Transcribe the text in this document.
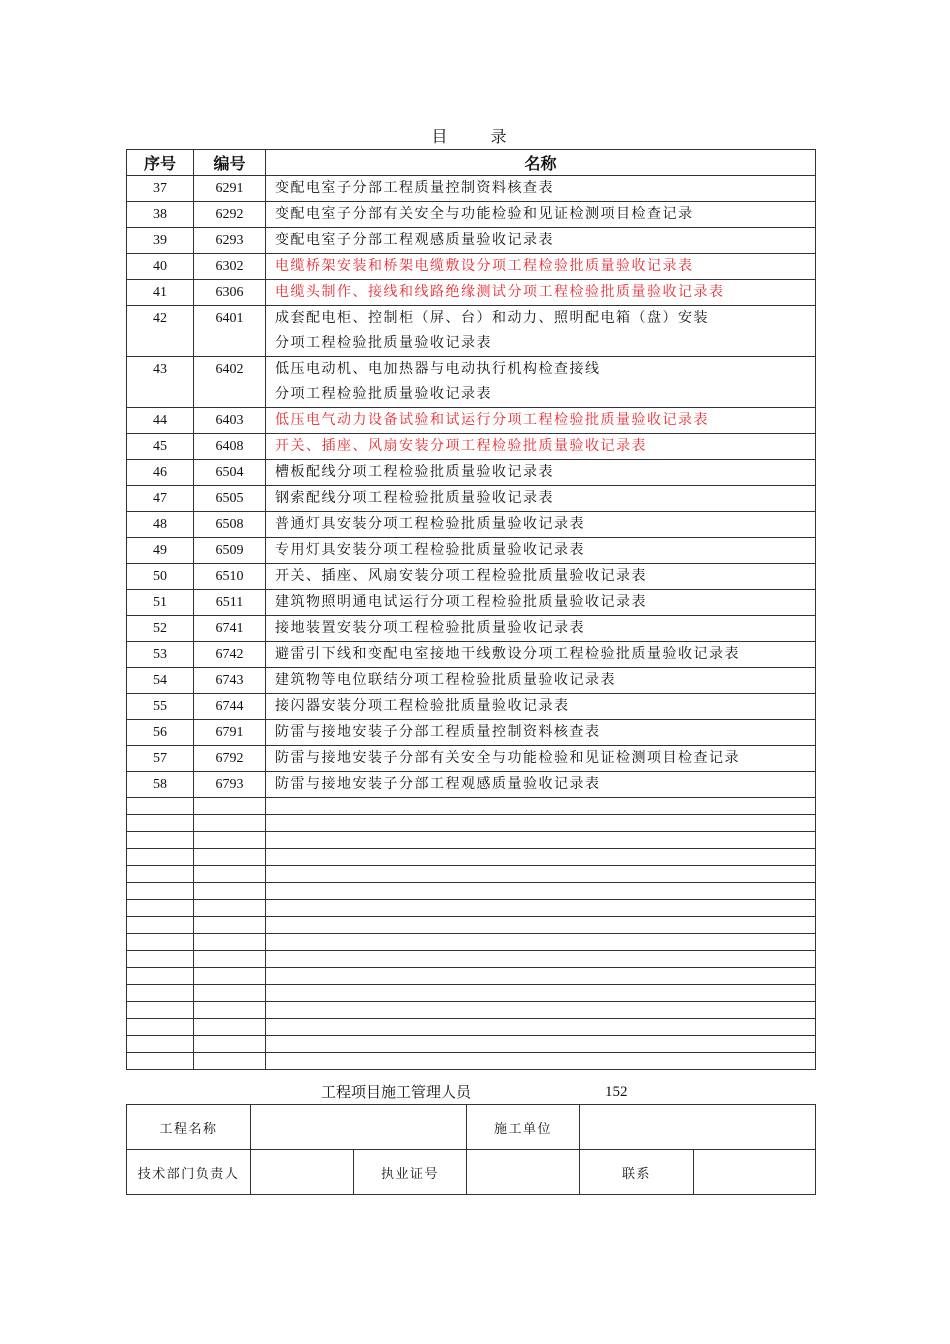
目	录
序号	编号	名称
37	6291	变配电室子分部工程质量控制资料核查表

38	6292	变配电室子分部有关安全与功能检验和见证检测项目检查记录

39	6293	变配电室子分部工程观感质量验收记录表

40	6302	电缆桥架安装和桥架电缆敷设分项工程检验批质量验收记录表

41	6306	电缆头制作、接线和线路绝缘测试分项工程检验批质量验收记录表

42	6401	成套配电柜、控制柜（屏、台）和动力、照明配电箱（盘）安装
分项工程检验批质量验收记录表

43	6402	低压电动机、电加热器与电动执行机构检查接线
分项工程检验批质量验收记录表

44	6403	低压电气动力设备试验和试运行分项工程检验批质量验收记录表

45	6408	开关、插座、风扇安装分项工程检验批质量验收记录表

46	6504	槽板配线分项工程检验批质量验收记录表

47	6505	钢索配线分项工程检验批质量验收记录表

48	6508	普通灯具安装分项工程检验批质量验收记录表

49	6509	专用灯具安装分项工程检验批质量验收记录表

50	6510	开关、插座、风扇安装分项工程检验批质量验收记录表

51	6511	建筑物照明通电试运行分项工程检验批质量验收记录表

52	6741	接地装置安装分项工程检验批质量验收记录表

53	6742	避雷引下线和变配电室接地干线敷设分项工程检验批质量验收记录表

54	6743	建筑物等电位联结分项工程检验批质量验收记录表

55	6744	接闪器安装分项工程检验批质量验收记录表

56	6791	防雷与接地安装子分部工程质量控制资料核查表

57	6792	防雷与接地安装子分部有关安全与功能检验和见证检测项目检查记录

58	6793	防雷与接地安装子分部工程观感质量验收记录表

工程项目施工管理人员	152
工程名称			施工单位		
技术部门负责人		执业证号		联系	
